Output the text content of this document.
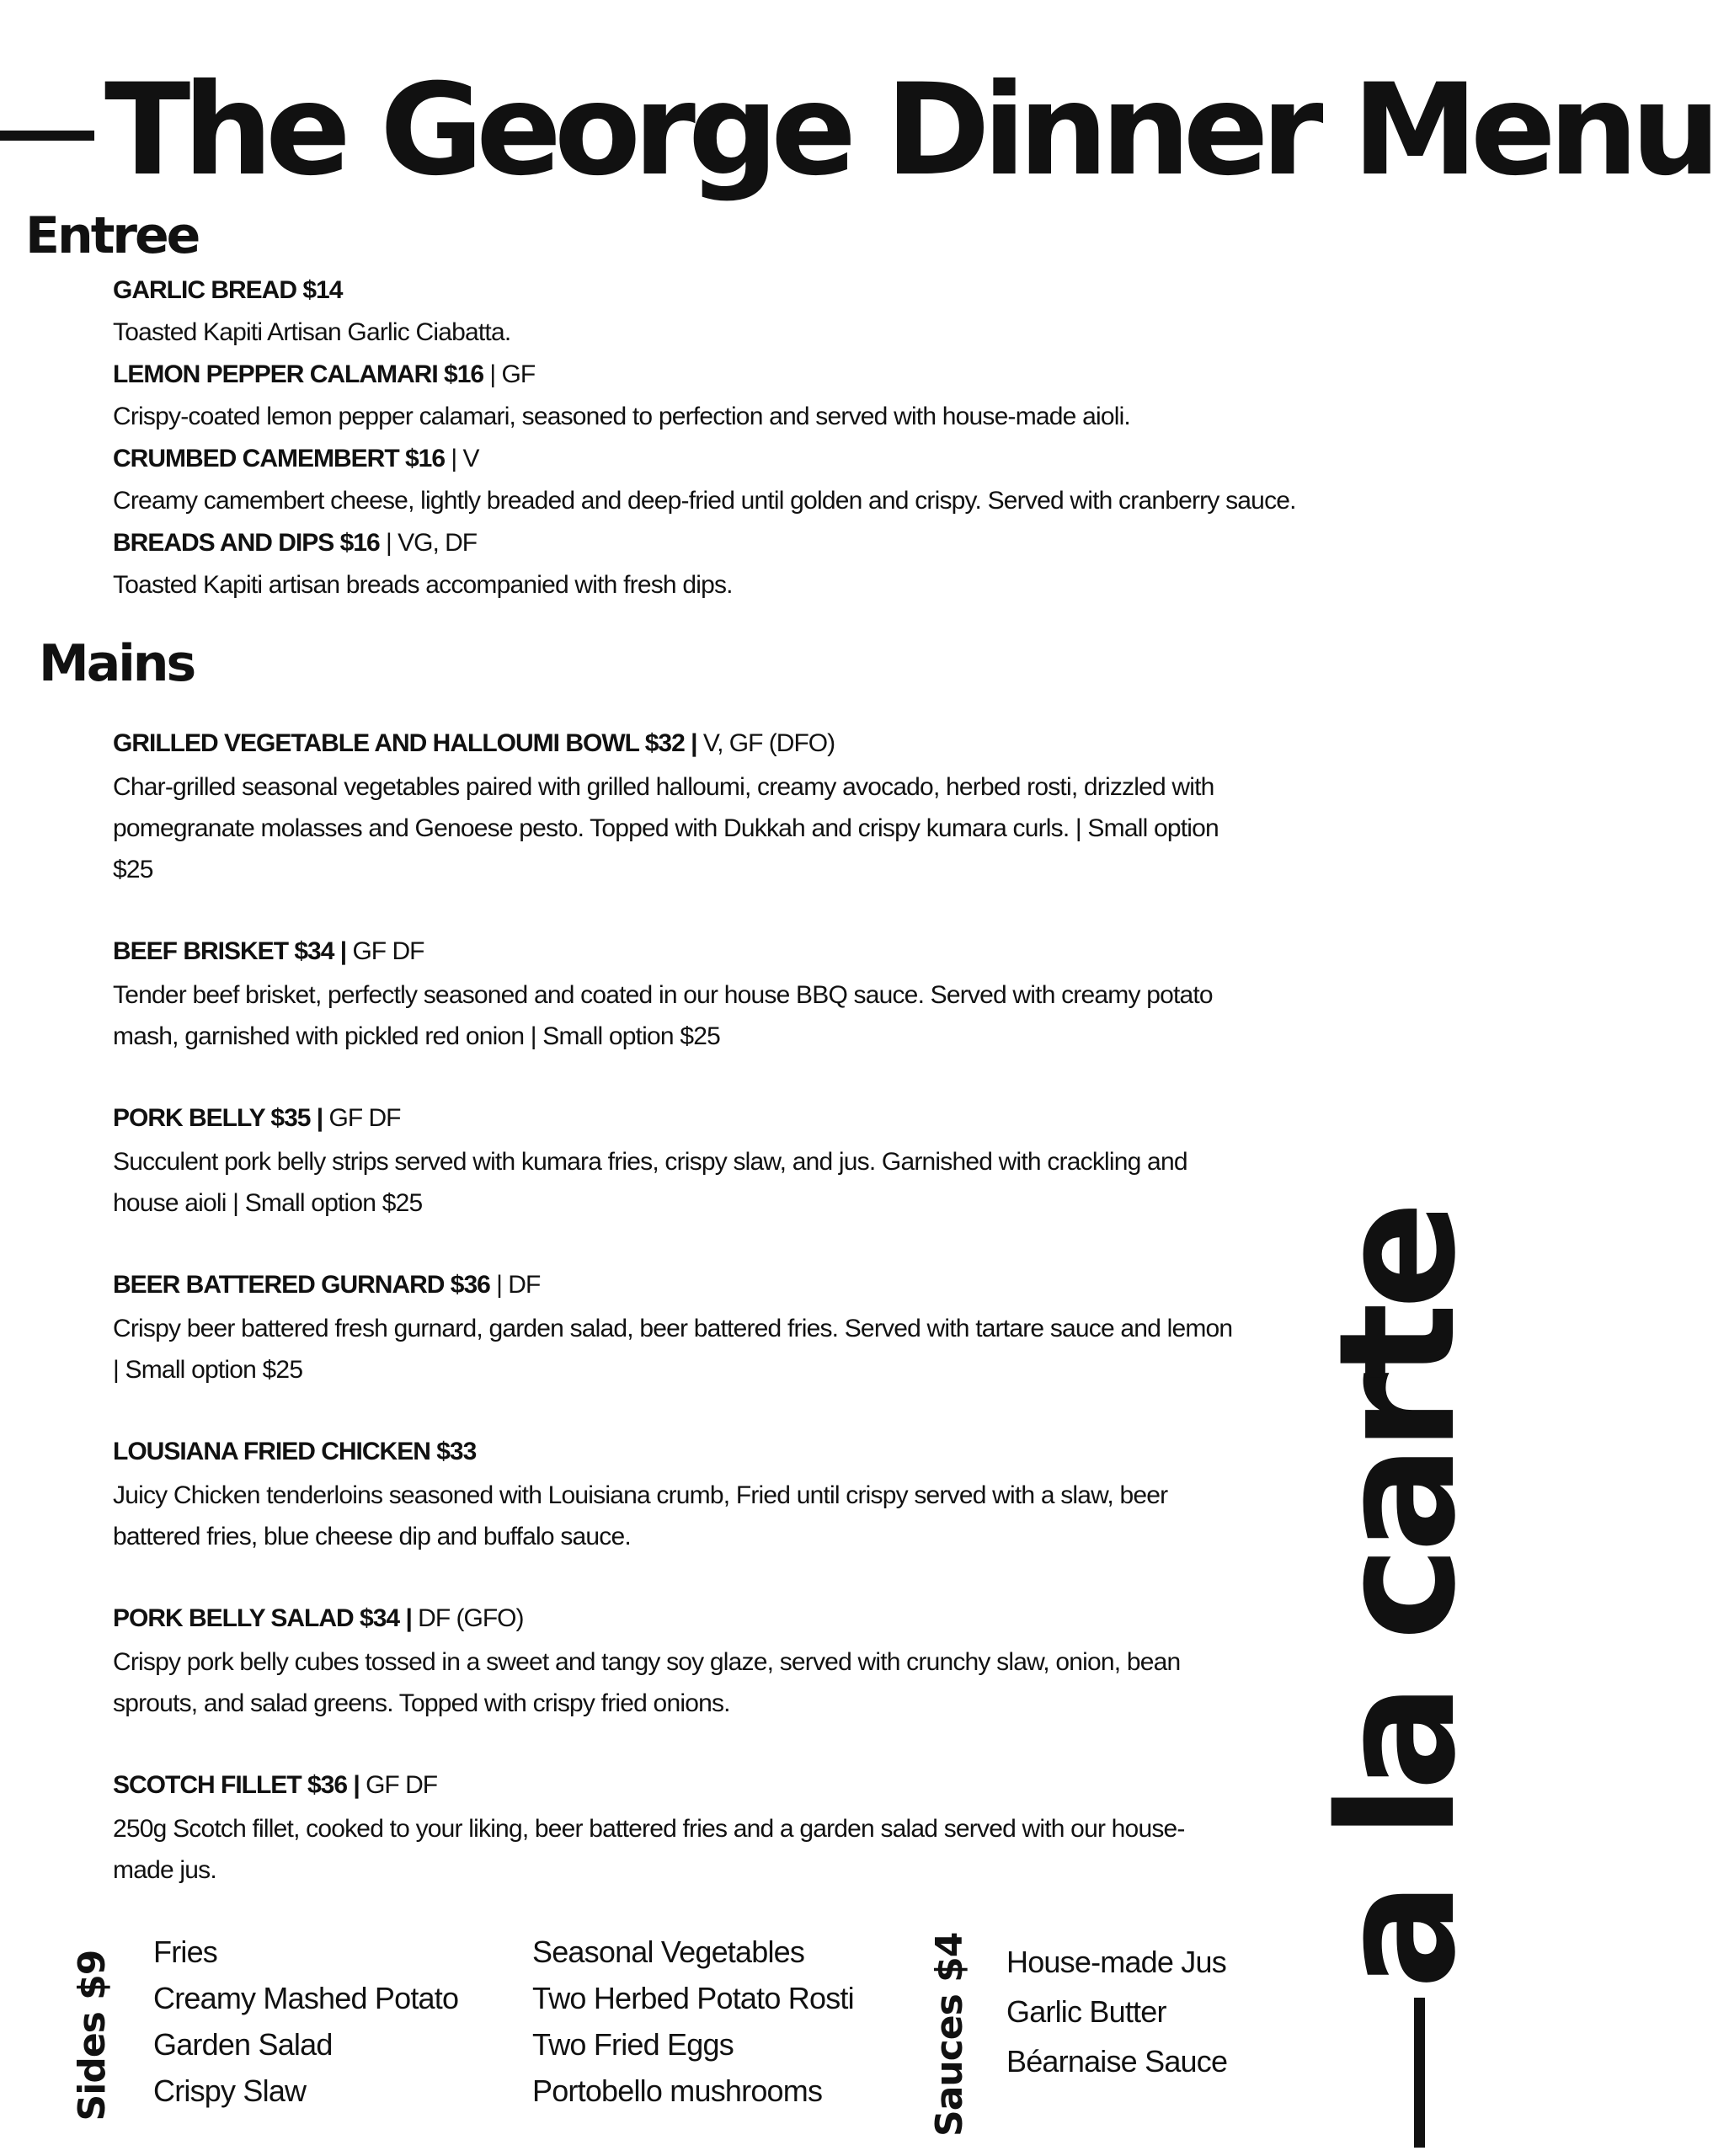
The George Dinner Menu
Entree
GARLIC BREAD $14
Toasted Kapiti Artisan Garlic Ciabatta.
LEMON PEPPER CALAMARI $16 | GF
Crispy-coated lemon pepper calamari, seasoned to perfection and served with house-made aioli.
CRUMBED CAMEMBERT $16 | V
Creamy camembert cheese, lightly breaded and deep-fried until golden and crispy. Served with cranberry sauce.
BREADS AND DIPS $16 | VG, DF
Toasted Kapiti artisan breads accompanied with fresh dips.
Mains
GRILLED VEGETABLE AND HALLOUMI BOWL $32 | V, GF (DFO)
Char-grilled seasonal vegetables paired with grilled halloumi, creamy avocado, herbed rosti, drizzled with pomegranate molasses and Genoese pesto. Topped with Dukkah and crispy kumara curls. | Small option $25
BEEF BRISKET $34 | GF DF
Tender beef brisket, perfectly seasoned and coated in our house BBQ sauce. Served with creamy potato mash, garnished with pickled red onion | Small option $25
PORK BELLY $35 | GF DF
Succulent pork belly strips served with kumara fries, crispy slaw, and jus. Garnished with crackling and house aioli | Small option $25
BEER BATTERED GURNARD $36 | DF
Crispy beer battered fresh gurnard, garden salad, beer battered fries. Served with tartare sauce and lemon | Small option $25
LOUSIANA FRIED CHICKEN $33
Juicy Chicken tenderloins seasoned with Louisiana crumb, Fried until crispy served with a slaw, beer battered fries, blue cheese dip and buffalo sauce.
PORK BELLY SALAD $34 | DF (GFO)
Crispy pork belly cubes tossed in a sweet and tangy soy glaze, served with crunchy slaw, onion, bean sprouts, and salad greens. Topped with crispy fried onions.
SCOTCH FILLET $36 | GF DF
250g Scotch fillet, cooked to your liking, beer battered fries and a garden salad served with our house-made jus.	a la carte
Sides $9 Fries
Creamy Mashed Potato
Garden Salad
Crispy Slaw
Seasonal Vegetables
Two Herbed Potato Rosti
Two Fried Eggs
Portobello mushrooms	Sauces $4 House-made Jus
Garlic Butter
Béarnaise Sauce
